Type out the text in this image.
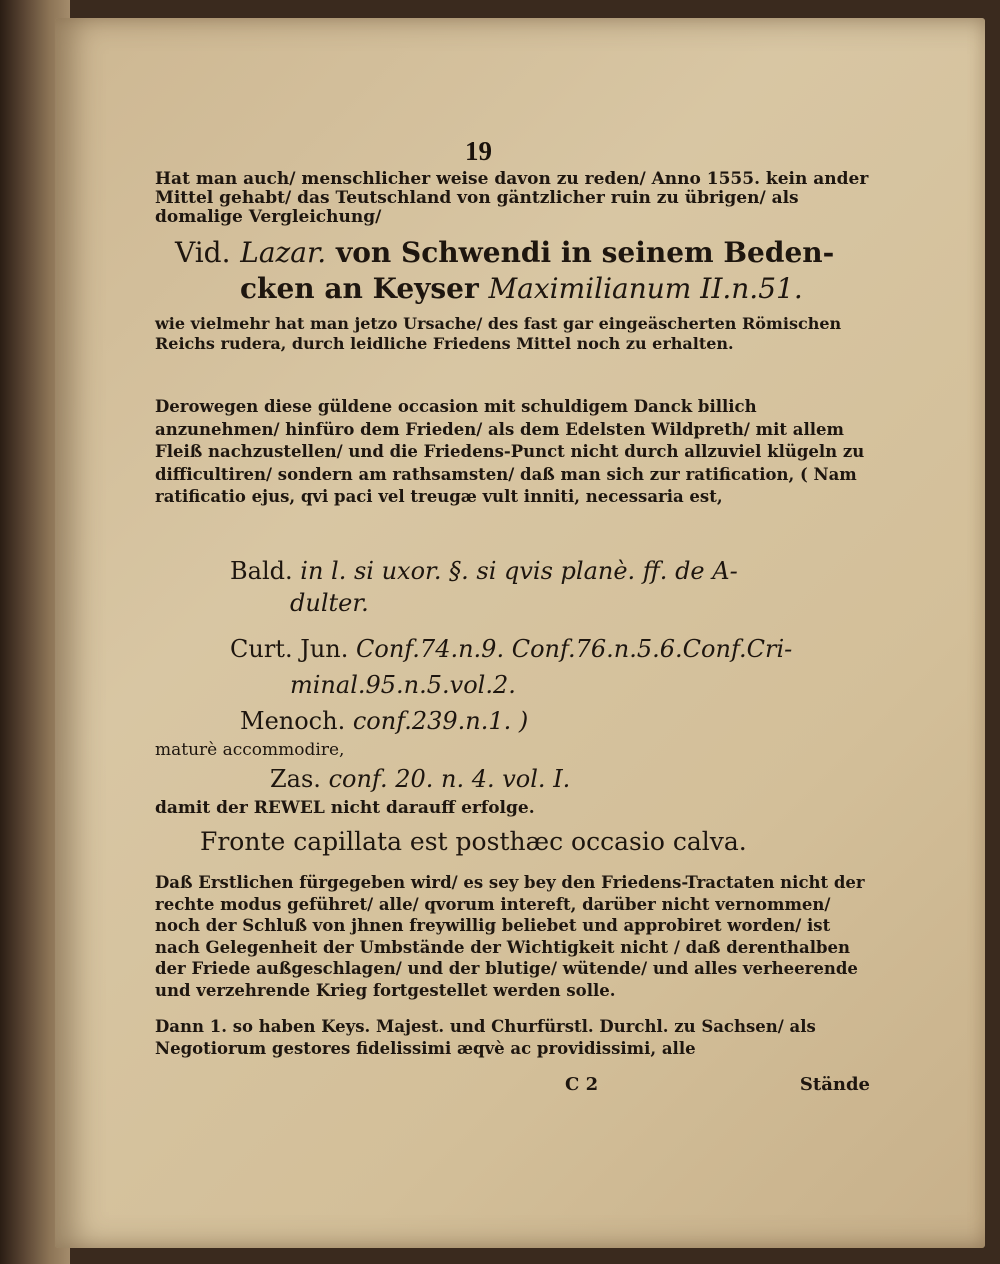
19

Hat man auch/ menschlicher weise davon zu reden/ Anno 1555. kein ander Mittel gehabt/ das Teutschland von gäntzlicher ruin zu übrigen/ als domalige Vergleichung/

Vid. Lazar. von Schwendi in seinem Beden-
cken an Keyser Maximilianum II.n.51.

wie vielmehr hat man jetzo Ursache/ des fast gar eingeäscherten Römischen Reichs rudera, durch leidliche Friedens Mittel noch zu erhalten.

Derowegen diese güldene occasion mit schuldigem Danck billich anzunehmen/ hinfüro dem Frieden/ als dem Edelsten Wildpreth/ mit allem Fleiß nachzustellen/ und die Friedens-Punct nicht durch allzuviel klügeln zu difficultiren/ sondern am rathsamsten/ daß man sich zur ratification, ( Nam ratificatio ejus, qvi paci vel treugæ vult inniti, necessaria est,

Bald. in l. si uxor. §. si qvis planè. ff. de A-
dulter.
Curt. Jun. Conf.74.n.9. Conf.76.n.5.6.Conf.Cri-
minal.95.n.5.vol.2.
Menoch. conf.239.n.1. )
maturè accommodire,
Zas. conf. 20. n. 4. vol. I.
damit der REWEL nicht darauff erfolge.
Fronte capillata est posthæc occasio calva.

Daß Erstlichen fürgegeben wird/ es sey bey den Friedens-Tractaten nicht der rechte modus geführet/ alle/ qvorum intereft, darüber nicht vernommen/ noch der Schluß von jhnen freywillig beliebet und approbiret worden/ ist nach Gelegenheit der Umbstände der Wichtigkeit nicht / daß derenthalben der Friede außgeschlagen/ und der blutige/ wütende/ und alles verheerende und verzehrende Krieg fortgestellet werden solle.

Dann 1. so haben Keys. Majest. und Churfürstl. Durchl. zu Sachsen/ als Negotiorum gestores fidelissimi æqvè ac providissimi, alle

C 2	Stände
